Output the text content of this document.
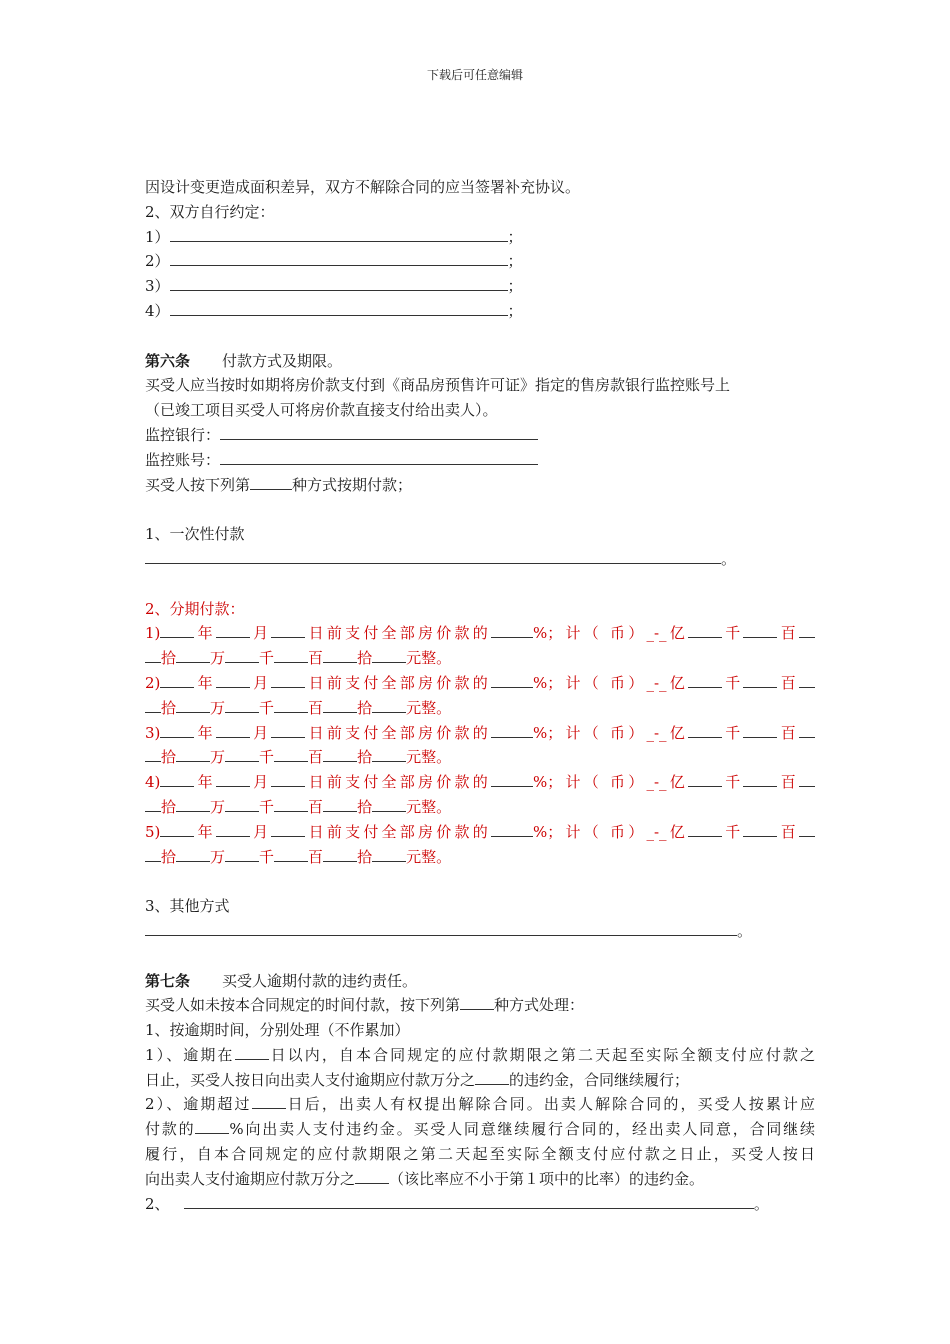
下载后可任意编辑
因设计变更造成面积差异，双方不解除合同的应当签署补充协议。
2、双方自行约定：
1）	；
2）	；
3）	；
4）	；
第六条 付款方式及期限。
买受人应当按时如期将房价款支付到《商品房预售许可证》指定的售房款银行监控账号上
（已竣工项目买受人可将房价款直接支付给出卖人）。
监控银行：
监控账号：
买受人按下列第	种方式按期付款；
1、一次性付款
。
2、分期付款：
1) 年 月 日前支付全部房价款的	%；计（ 币）_-_亿 千 百
拾 万 千 百 拾 元整。
2) 年 月 日前支付全部房价款的	%；计（ 币）_-_亿 千 百
拾 万 千 百 拾 元整。
3) 年 月 日前支付全部房价款的	%；计（ 币）_-_亿 千 百
拾 万 千 百 拾 元整。
4) 年 月 日前支付全部房价款的	%；计（ 币）_-_亿 千 百
拾 万 千 百 拾 元整。
5) 年 月 日前支付全部房价款的	%；计（ 币）_-_亿 千 百
拾 万 千 百 拾 元整。
3、其他方式
。
第七条 买受人逾期付款的违约责任。
买受人如未按本合同规定的时间付款，按下列第 种方式处理：
1、按逾期时间，分别处理（不作累加）
1）、逾期在 日以内，自本合同规定的应付款期限之第二天起至实际全额支付应付款之
日止，买受人按日向出卖人支付逾期应付款万分之 的违约金，合同继续履行；
2）、逾期超过 日后，出卖人有权提出解除合同。出卖人解除合同的，买受人按累计应
付款的 %向出卖人支付违约金。买受人同意继续履行合同的，经出卖人同意，合同继续
履行，自本合同规定的应付款期限之第二天起至实际全额支付应付款之日止，买受人按日
向出卖人支付逾期应付款万分之 （该比率应不小于第１项中的比率）的违约金。
2、	。
